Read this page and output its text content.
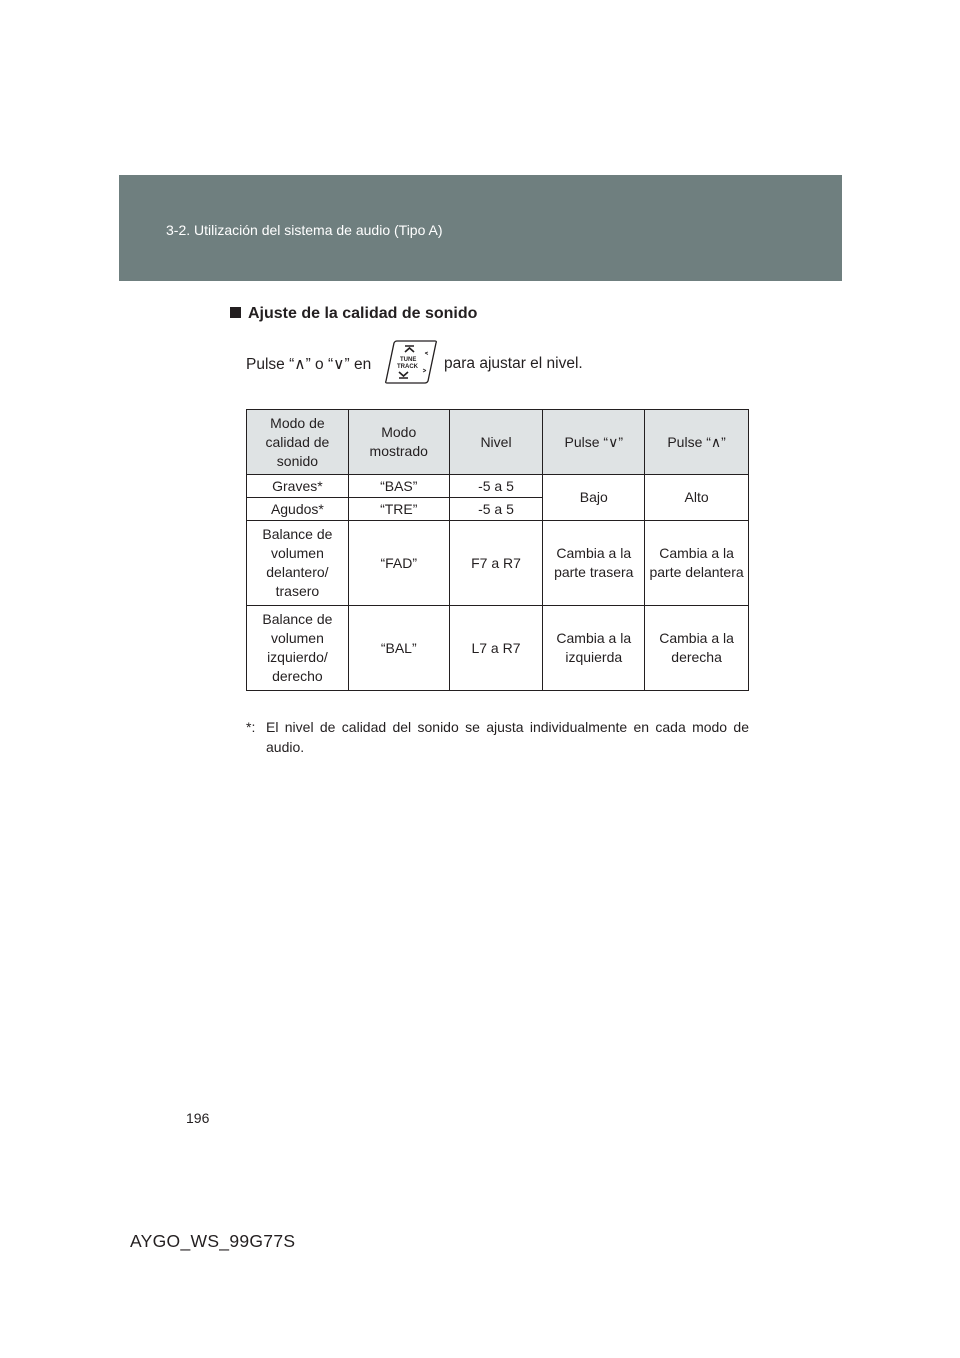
3-2. Utilización del sistema de audio (Tipo A)
Ajuste de la calidad de sonido
Pulse “∧” o “∨” en	TUNE
TRACK para ajustar el nivel.
Modo de calidad de sonido	Modo mostrado	Nivel	Pulse “∨”	Pulse “∧”
Graves*	“BAS”	-5 a 5	Bajo	Alto
Agudos*	“TRE”	-5 a 5		
Balance de volumen delantero/ trasero	“FAD”	F7 a R7	Cambia a la parte trasera	Cambia a la parte delantera
Balance de volumen izquierdo/ derecho	“BAL”	L7 a R7	Cambia a la izquierda	Cambia a la derecha
*: El nivel de calidad del sonido se ajusta individualmente en cada modo de audio.
196
AYGO_WS_99G77S
